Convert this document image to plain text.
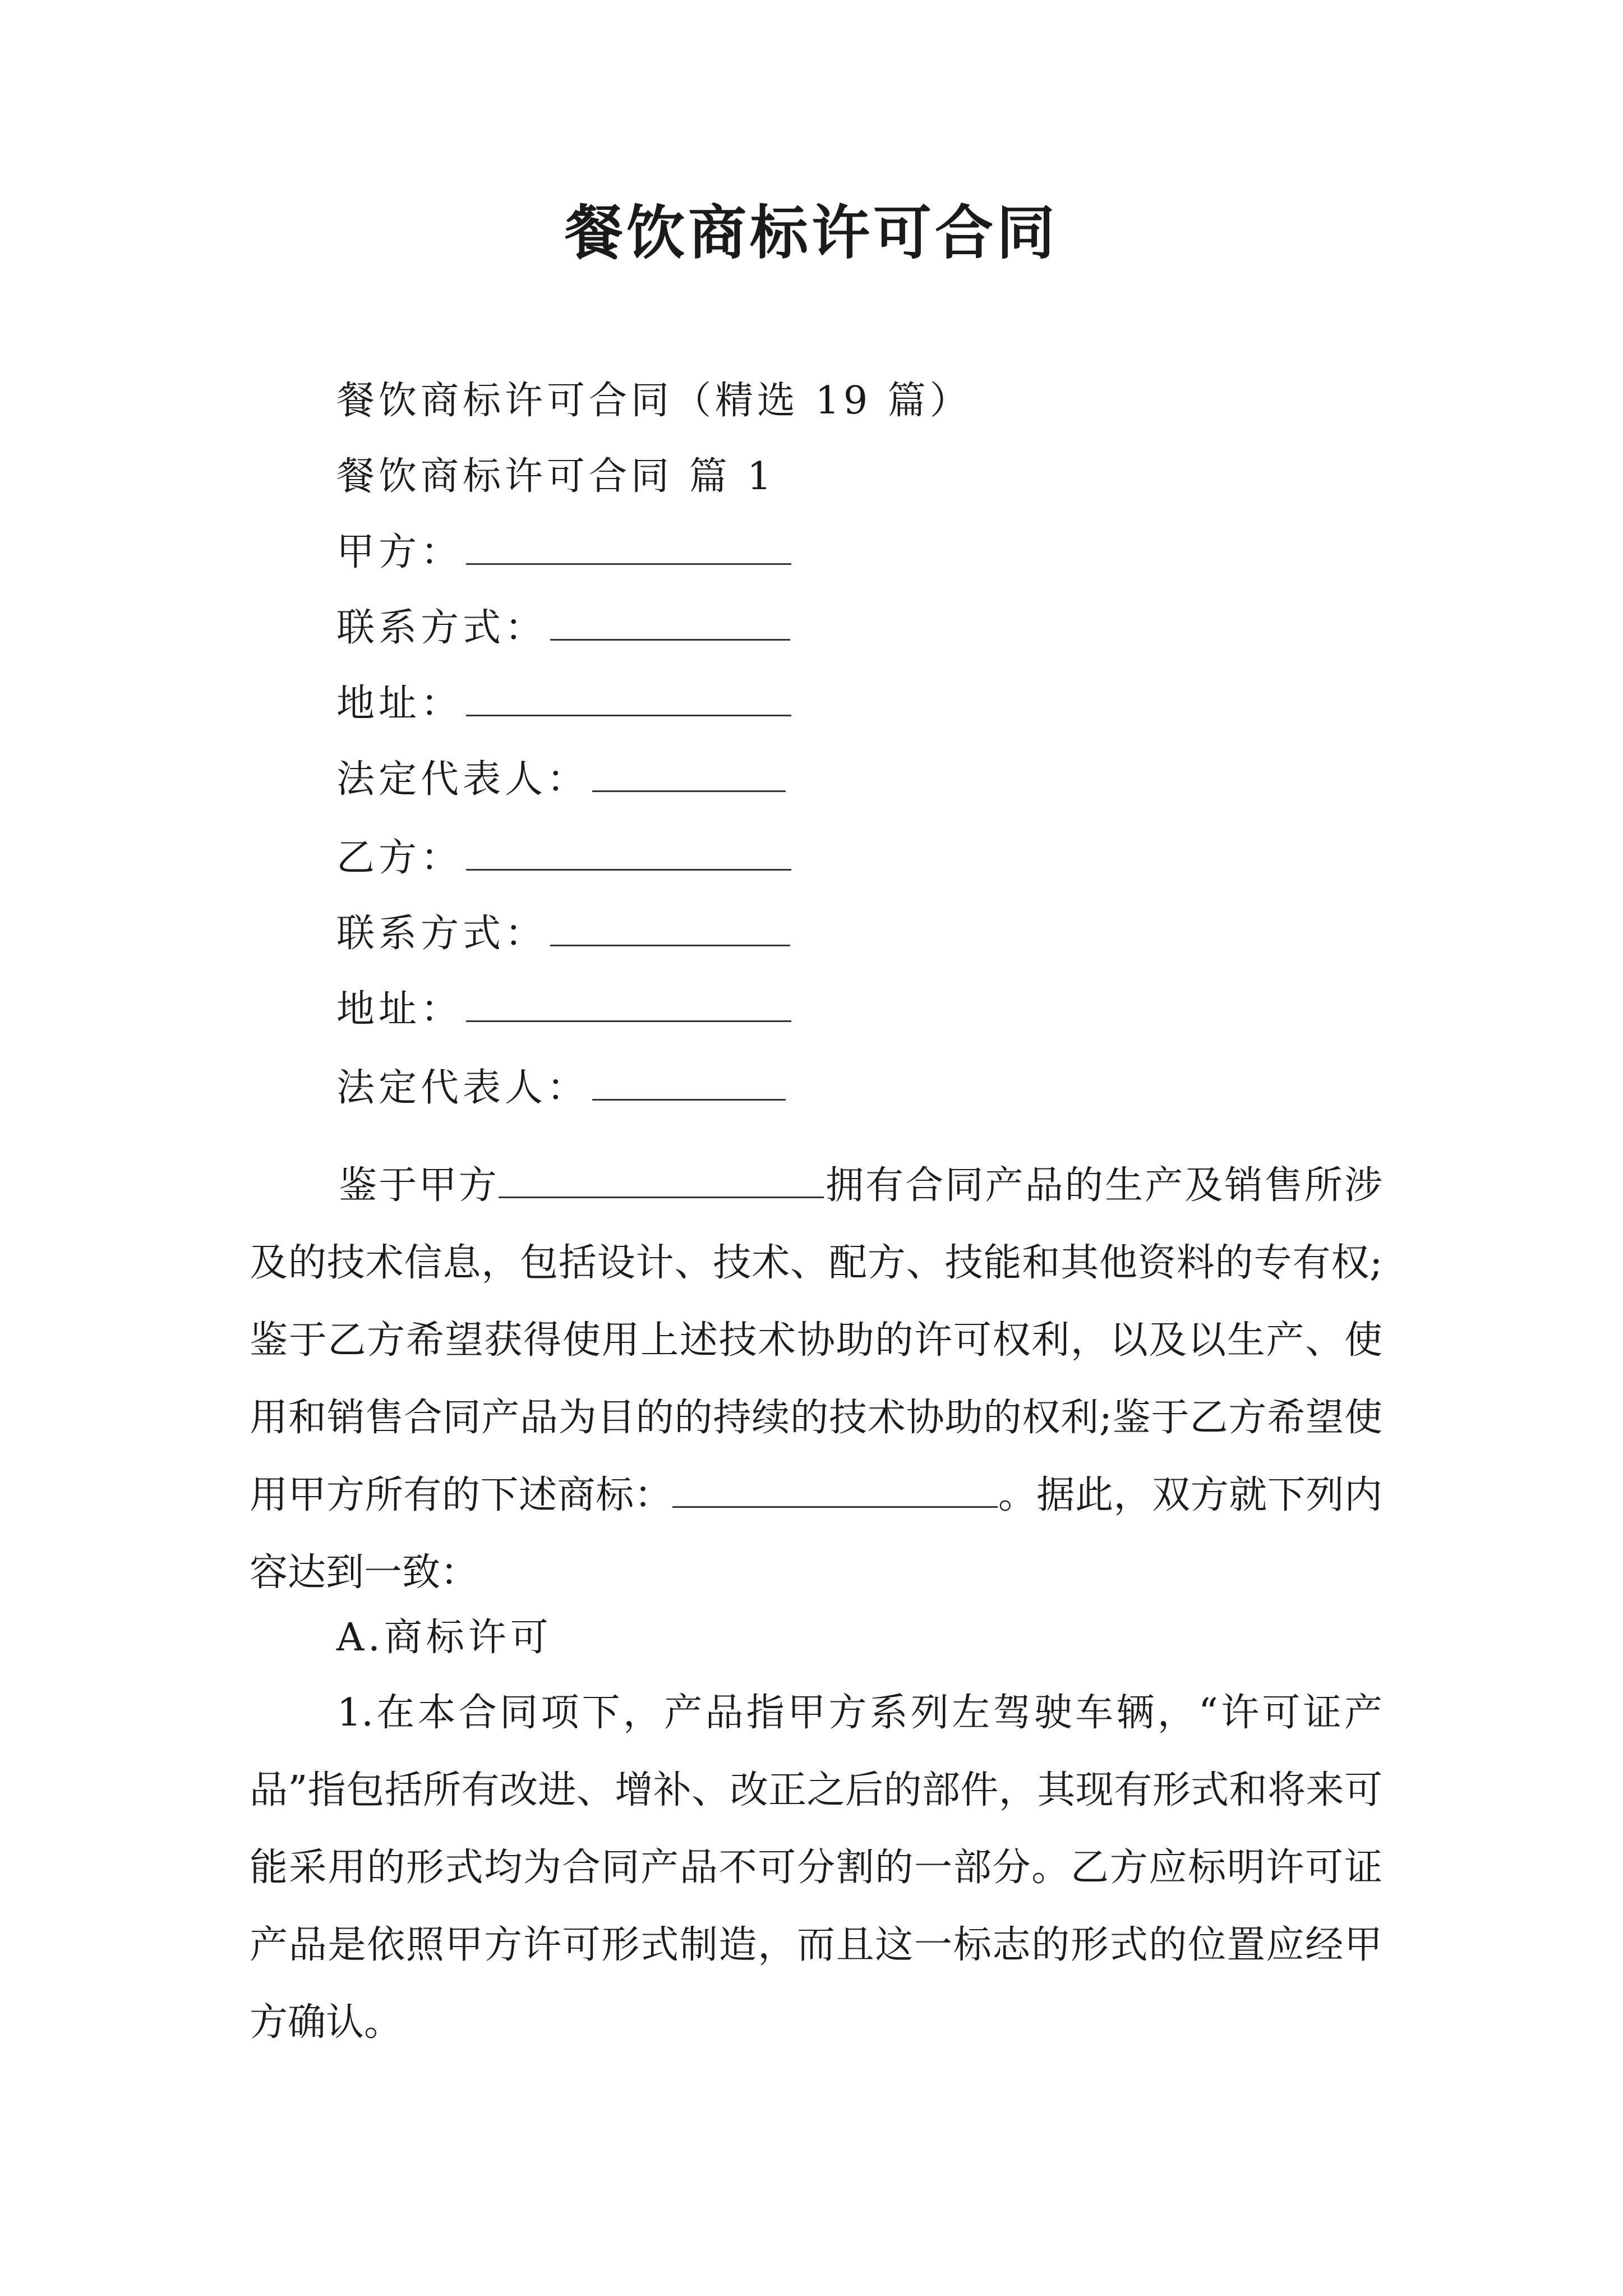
餐饮商标许可合同
餐饮商标许可合同（精选 19 篇）
餐饮商标许可合同 篇 1
甲方：
联系方式：
地址：
法定代表人：
乙方：
联系方式：
地址：
法定代表人：
鉴于甲方	拥有合同产品的生产及销售所涉及的技术信息，包括设计、技术、配方、技能和其他资料的专有权;鉴于乙方希望获得使用上述技术协助的许可权利，以及以生产、使用和销售合同产品为目的的持续的技术协助的权利;鉴于乙方希望使用甲方所有的下述商标：	。据此，双方就下列内容达到一致：
A.商标许可
1.在本合同项下，产品指甲方系列左驾驶车辆，“许可证产品”指包括所有改进、增补、改正之后的部件，其现有形式和将来可能采用的形式均为合同产品不可分割的一部分。乙方应标明许可证产品是依照甲方许可形式制造，而且这一标志的形式的位置应经甲方确认。
